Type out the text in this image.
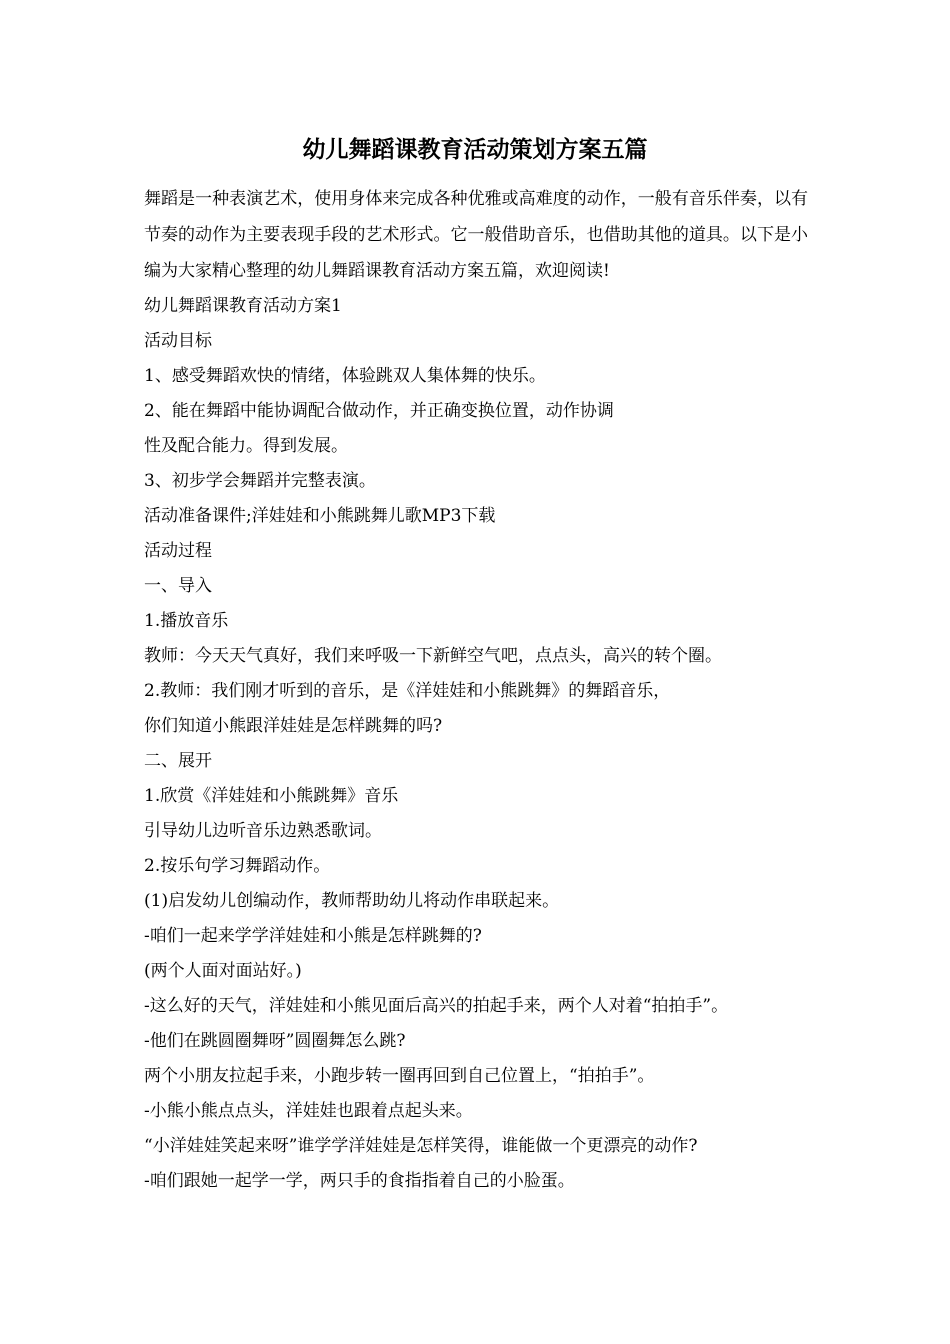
幼儿舞蹈课教育活动策划方案五篇

舞蹈是一种表演艺术，使用身体来完成各种优雅或高难度的动作，一般有音乐伴奏，以有节奏的动作为主要表现手段的艺术形式。它一般借助音乐，也借助其他的道具。以下是小编为大家精心整理的幼儿舞蹈课教育活动方案五篇，欢迎阅读!

幼儿舞蹈课教育活动方案1

活动目标

1、感受舞蹈欢快的情绪，体验跳双人集体舞的快乐。

2、能在舞蹈中能协调配合做动作，并正确变换位置，动作协调

性及配合能力。得到发展。

3、初步学会舞蹈并完整表演。

活动准备课件;洋娃娃和小熊跳舞儿歌MP3下载

活动过程

一、导入

1.播放音乐

教师：今天天气真好，我们来呼吸一下新鲜空气吧，点点头，高兴的转个圈。

2.教师：我们刚才听到的音乐，是《洋娃娃和小熊跳舞》的舞蹈音乐，

你们知道小熊跟洋娃娃是怎样跳舞的吗?

二、展开

1.欣赏《洋娃娃和小熊跳舞》音乐

引导幼儿边听音乐边熟悉歌词。

2.按乐句学习舞蹈动作。

(1)启发幼儿创编动作，教师帮助幼儿将动作串联起来。

-咱们一起来学学洋娃娃和小熊是怎样跳舞的?

(两个人面对面站好。)

-这么好的天气，洋娃娃和小熊见面后高兴的拍起手来，两个人对着“拍拍手”。

-他们在跳圆圈舞呀”圆圈舞怎么跳?

两个小朋友拉起手来，小跑步转一圈再回到自己位置上，“拍拍手”。

-小熊小熊点点头，洋娃娃也跟着点起头来。

“小洋娃娃笑起来呀”谁学学洋娃娃是怎样笑得，谁能做一个更漂亮的动作?

-咱们跟她一起学一学，两只手的食指指着自己的小脸蛋。
